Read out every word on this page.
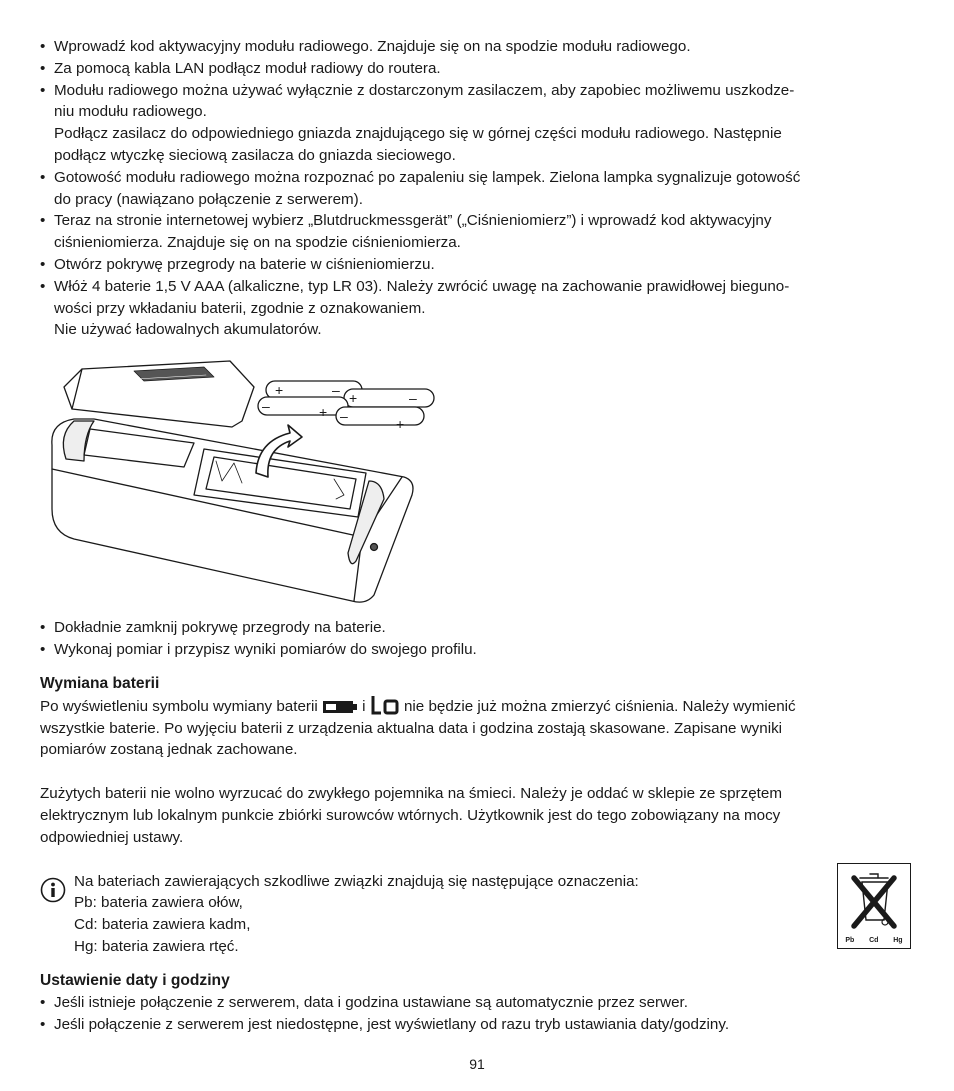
• Wprowadź kod aktywacyjny modułu radiowego. Znajduje się on na spodzie modułu radiowego.
• Za pomocą kabla LAN podłącz moduł radiowy do routera.
• Modułu radiowego można używać wyłącznie z dostarczonym zasilaczem, aby zapobiec możliwemu uszkodze-
niu modułu radiowego.
Podłącz zasilacz do odpowiedniego gniazda znajdującego się w górnej części modułu radiowego. Następnie
podłącz wtyczkę sieciową zasilacza do gniazda sieciowego.
• Gotowość modułu radiowego można rozpoznać po zapaleniu się lampek. Zielona lampka sygnalizuje gotowość
do pracy (nawiązano połączenie z serwerem).
• Teraz na stronie internetowej wybierz „Blutdruckmessgerät” („Ciśnieniomierz”) i wprowadź kod aktywacyjny
ciśnieniomierza. Znajduje się on na spodzie ciśnieniomierza.
• Otwórz pokrywę przegrody na baterie w ciśnieniomierzu.
• Włóż 4 baterie 1,5 V AAA (alkaliczne, typ LR 03). Należy zwrócić uwagę na zachowanie prawidłowej bieguno-
wości przy wkładaniu baterii, zgodnie z oznakowaniem.
Nie używać ładowalnych akumulatorów.
+	– +	–
–	+ –	+
• Dokładnie zamknij pokrywę przegrody na baterie.
• Wykonaj pomiar i przypisz wyniki pomiarów do swojego profilu.
Wymiana baterii

Po wyświetleniu symbolu wymiany baterii  i  nie będzie już można zmierzyć ciśnienia. Należy wymienić
wszystkie baterie. Po wyjęciu baterii z urządzenia aktualna data i godzina zostają skasowane. Zapisane wyniki
pomiarów zostaną jednak zachowane.

Zużytych baterii nie wolno wyrzucać do zwykłego pojemnika na śmieci. Należy je oddać w sklepie ze sprzętem
elektrycznym lub lokalnym punkcie zbiórki surowców wtórnych. Użytkownik jest do tego zobowiązany na mocy
odpowiedniej ustawy.

Na bateriach zawierających szkodliwe związki znajdują się następujące oznaczenia:
Pb: bateria zawiera ołów,
Cd: bateria zawiera kadm,
Hg: bateria zawiera rtęć.	Pb Cd Hg
Ustawienie daty i godziny
• Jeśli istnieje połączenie z serwerem, data i godzina ustawiane są automatycznie przez serwer.
• Jeśli połączenie z serwerem jest niedostępne, jest wyświetlany od razu tryb ustawiania daty/godziny.
91
